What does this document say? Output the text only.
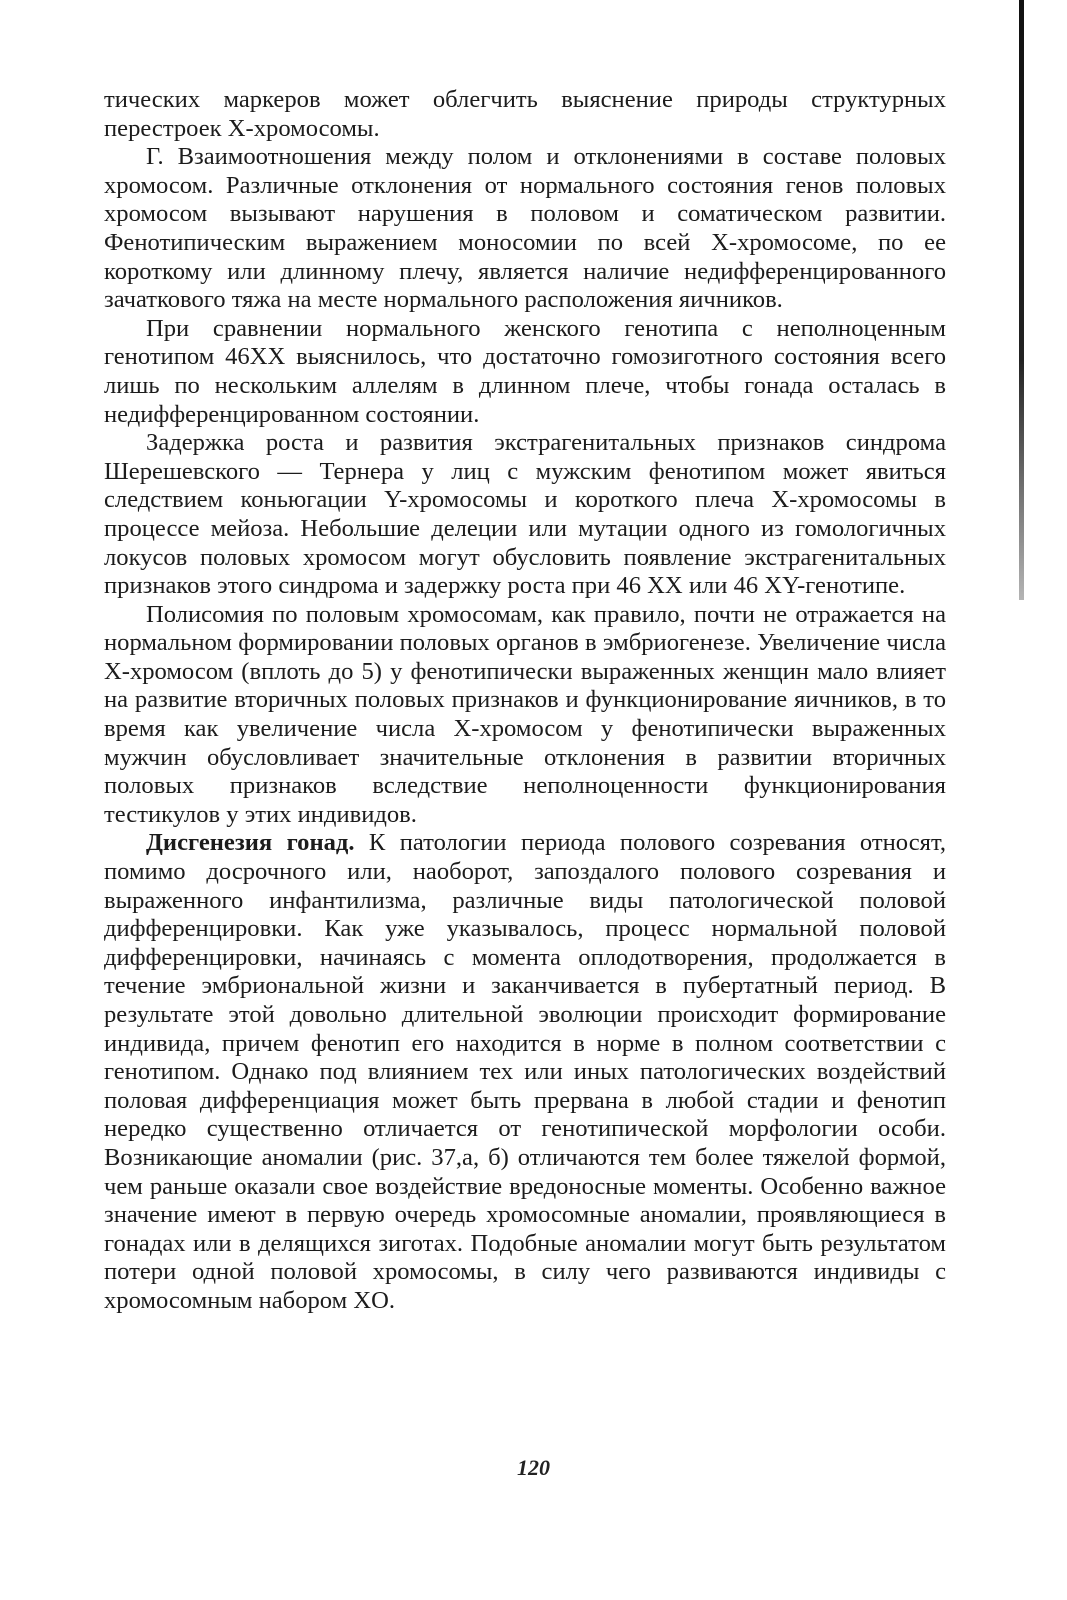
тических маркеров может облегчить выяснение природы структурных перестроек X-хромосомы.

Г. Взаимоотношения между полом и отклонениями в составе половых хромосом. Различные отклонения от нормального состояния генов половых хромосом вызывают нарушения в половом и соматическом развитии. Фенотипическим выражением моносомии по всей X-хромосоме, по ее короткому или длинному плечу, является наличие недифференцированного зачаткового тяжа на месте нормального расположения яичников.

При сравнении нормального женского генотипа с неполноценным генотипом 46XX выяснилось, что достаточно гомозиготного состояния всего лишь по нескольким аллелям в длинном плече, чтобы гонада осталась в недифференцированном состоянии.

Задержка роста и развития экстрагенитальных признаков синдрома Шерешевского — Тернера у лиц с мужским фенотипом может явиться следствием коньюгации Y-хромосомы и короткого плеча X-хромосомы в процессе мейоза. Небольшие делеции или мутации одного из гомологичных локусов половых хромосом могут обусловить появление экстрагенитальных признаков этого синдрома и задержку роста при 46 XX или 46 XY-генотипе.

Полисомия по половым хромосомам, как правило, почти не отражается на нормальном формировании половых органов в эмбриогенезе. Увеличение числа X-хромосом (вплоть до 5) у фенотипически выраженных женщин мало влияет на развитие вторичных половых признаков и функционирование яичников, в то время как увеличение числа X-хромосом у фенотипически выраженных мужчин обусловливает значительные отклонения в развитии вторичных половых признаков вследствие неполноценности функционирования тестикулов у этих индивидов.

Дисгенезия гонад. К патологии периода полового созревания относят, помимо досрочного или, наоборот, запоздалого полового созревания и выраженного инфантилизма, различные виды патологической половой дифференцировки. Как уже указывалось, процесс нормальной половой дифференцировки, начинаясь с момента оплодотворения, продолжается в течение эмбриональной жизни и заканчивается в пубертатный период. В результате этой довольно длительной эволюции происходит формирование индивида, причем фенотип его находится в норме в полном соответствии с генотипом. Однако под влиянием тех или иных патологических воздействий половая дифференциация может быть прервана в любой стадии и фенотип нередко существенно отличается от генотипической морфологии особи. Возникающие аномалии (рис. 37,а, б) отличаются тем более тяжелой формой, чем раньше оказали свое воздействие вредоносные моменты. Особенно важное значение имеют в первую очередь хромосомные аномалии, проявляющиеся в гонадах или в делящихся зиготах. Подобные аномалии могут быть результатом потери одной половой хромосомы, в силу чего развиваются индивиды с хромосомным набором XO.

120
